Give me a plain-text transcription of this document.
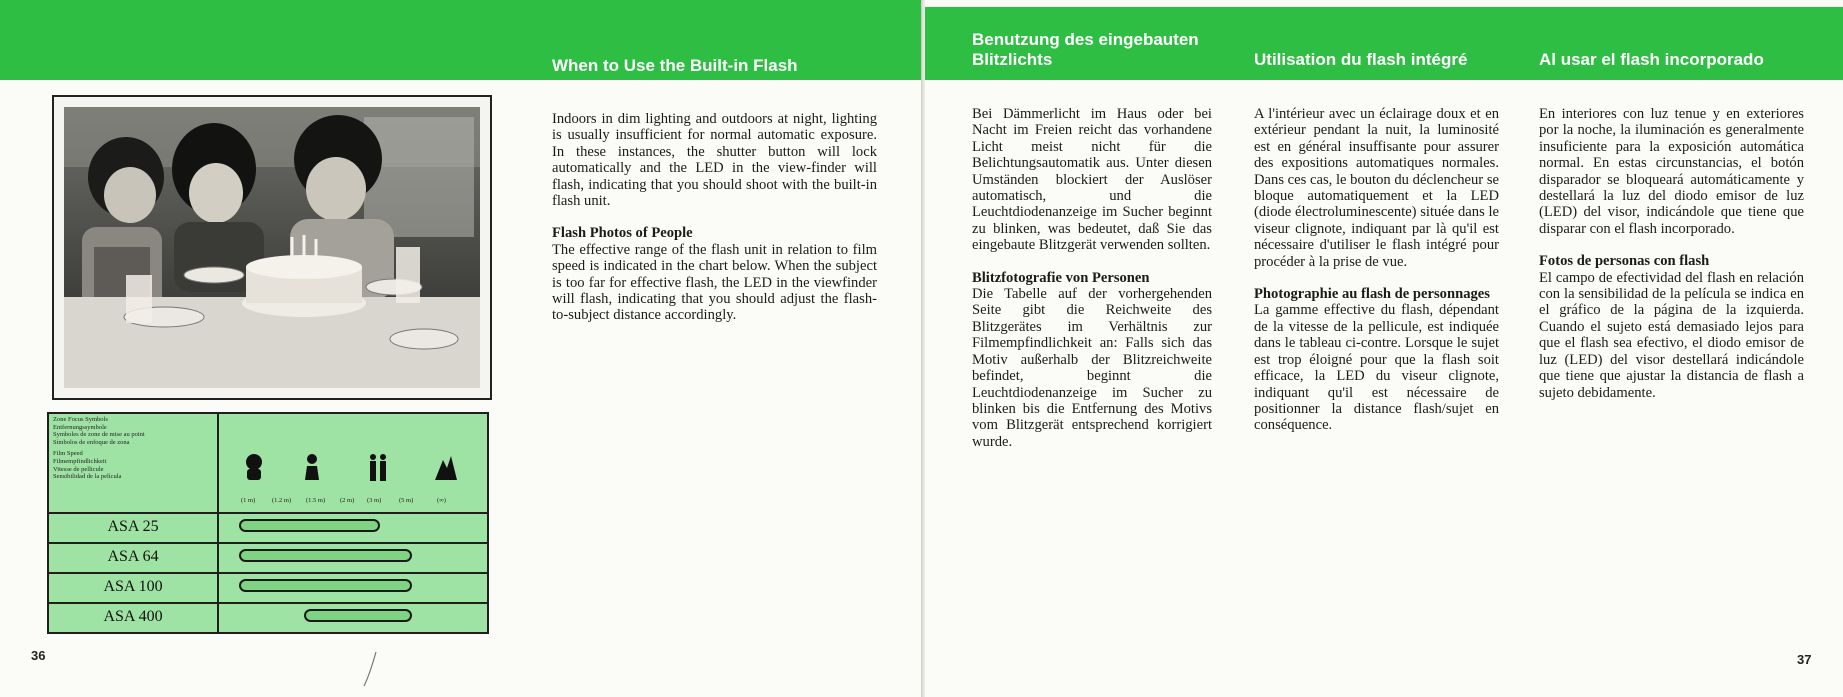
When to Use the Built-in Flash
Zone Focus Symbols
Entfernungssymbole
Symboles de zone de mise au point
Símbolos de enfoque de zona
Film Speed
Filmempfindlichkeit
Vitesse de pellicule
Sensibilidad de la película
(1 m)	(1.2 m) (1.5 m) (2 m) (3 m)	(5 m)	(∞)
ASA 25
ASA 64
ASA 100
ASA 400

Indoors in dim lighting and outdoors at night, lighting is usually insufficient for normal automatic exposure. In these instances, the shutter button will lock automatically and the LED in the view-finder will flash, indicating that you should shoot with the built-in flash unit.

Flash Photos of People

The effective range of the flash unit in relation to film speed is indicated in the chart below. When the subject is too far for effective flash, the LED in the viewfinder will flash, indicating that you should adjust the flash-to-subject distance accordingly.

36
Benutzung des eingebauten
Blitzlichts	Utilisation du flash intégré	Al usar el flash incorporado

Bei Dämmerlicht im Haus oder bei Nacht im Freien reicht das vorhandene Licht meist nicht für die Belichtungsautomatik aus. Unter diesen Umständen blockiert der Auslöser automatisch, und die Leuchtdiodenanzeige im Sucher beginnt zu blinken, was bedeutet, daß Sie das eingebaute Blitzgerät verwenden sollten.

Blitzfotografie von Personen

Die Tabelle auf der vorhergehenden Seite gibt die Reichweite des Blitzgerätes im Verhältnis zur Filmempfindlichkeit an: Falls sich das Motiv außerhalb der Blitzreichweite befindet, beginnt die Leuchtdiodenanzeige im Sucher zu blinken bis die Entfernung des Motivs vom Blitzgerät entsprechend korrigiert wurde.

A l'intérieur avec un éclairage doux et en extérieur pendant la nuit, la luminosité est en général insuffisante pour assurer des expositions automatiques normales. Dans ces cas, le bouton du déclencheur se bloque automatiquement et la LED (diode électroluminescente) située dans le viseur clignote, indiquant par là qu'il est nécessaire d'utiliser le flash intégré pour procéder à la prise de vue.

Photographie au flash de personnages

La gamme effective du flash, dépendant de la vitesse de la pellicule, est indiquée dans le tableau ci-contre. Lorsque le sujet est trop éloigné pour que la flash soit efficace, la LED du viseur clignote, indiquant qu'il est nécessaire de positionner la distance flash/sujet en conséquence.

En interiores con luz tenue y en exteriores por la noche, la iluminación es generalmente insuficiente para la exposición automática normal. En estas circunstancias, el botón disparador se bloqueará automáticamente y destellará la luz del diodo emisor de luz (LED) del visor, indicándole que tiene que disparar con el flash incorporado.

Fotos de personas con flash

El campo de efectividad del flash en relación con la sensibilidad de la película se indica en el gráfico de la página de la izquierda. Cuando el sujeto está demasiado lejos para que el flash sea efectivo, el diodo emisor de luz (LED) del visor destellará indicándole que tiene que ajustar la distancia de flash a sujeto debidamente.

37
